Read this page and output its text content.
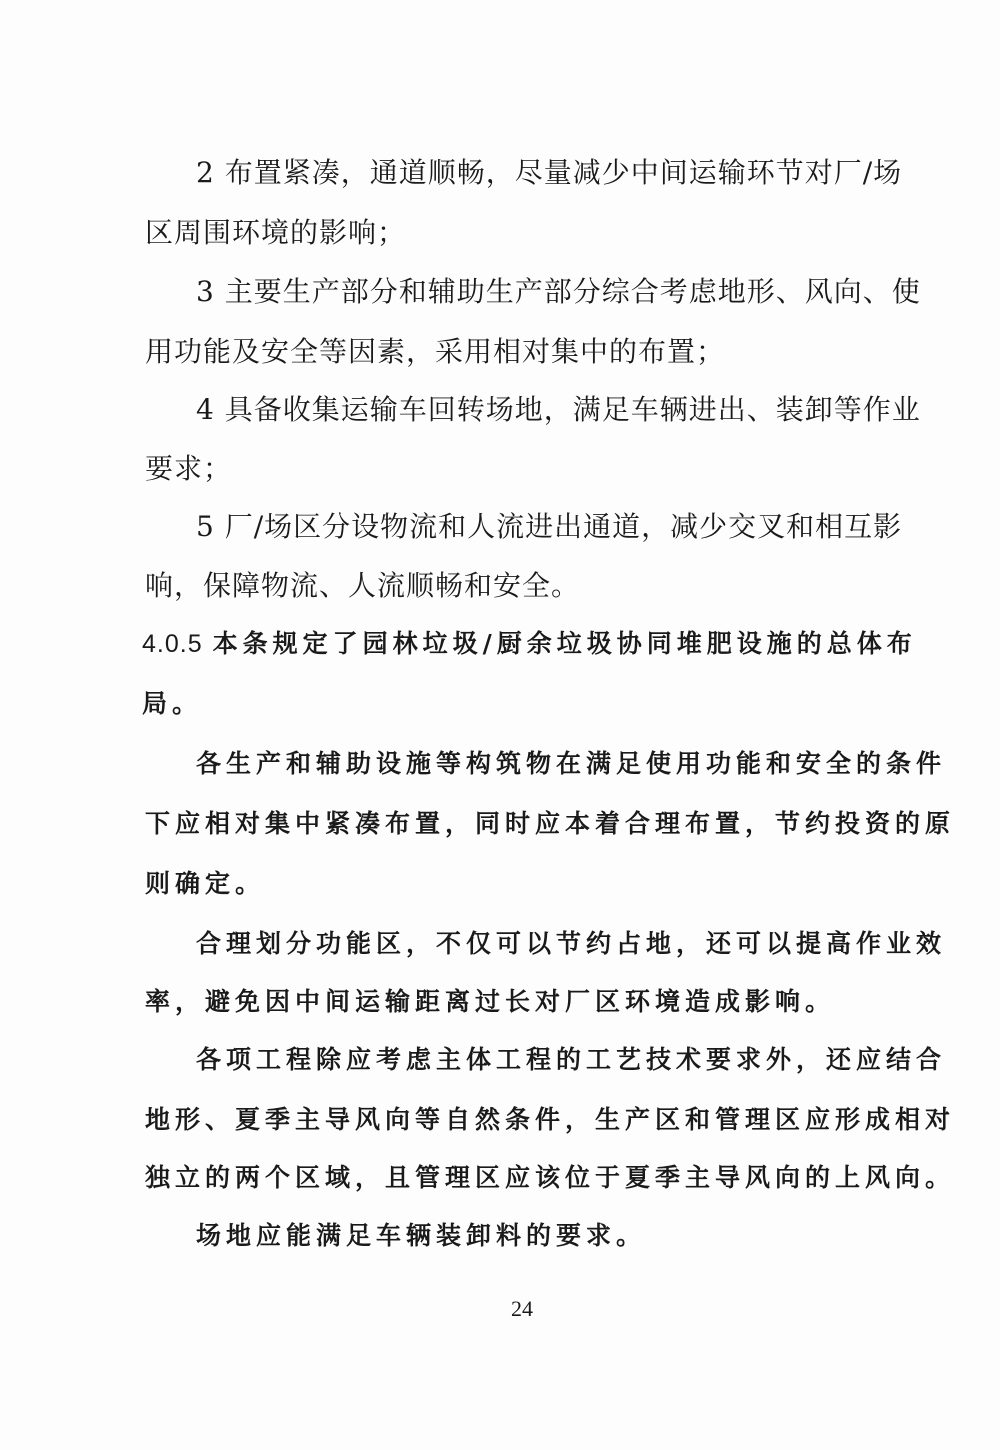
2 布置紧凑，通道顺畅，尽量减少中间运输环节对厂/场
区周围环境的影响；
3 主要生产部分和辅助生产部分综合考虑地形、风向、使
用功能及安全等因素，采用相对集中的布置；
4 具备收集运输车回转场地，满足车辆进出、装卸等作业
要求；
5 厂/场区分设物流和人流进出通道，减少交叉和相互影
响，保障物流、人流顺畅和安全。
4.0.5 本条规定了园林垃圾/厨余垃圾协同堆肥设施的总体布
局。
各生产和辅助设施等构筑物在满足使用功能和安全的条件
下应相对集中紧凑布置，同时应本着合理布置，节约投资的原
则确定。
合理划分功能区，不仅可以节约占地，还可以提高作业效
率，避免因中间运输距离过长对厂区环境造成影响。
各项工程除应考虑主体工程的工艺技术要求外，还应结合
地形、夏季主导风向等自然条件，生产区和管理区应形成相对
独立的两个区域，且管理区应该位于夏季主导风向的上风向。
场地应能满足车辆装卸料的要求。
24
